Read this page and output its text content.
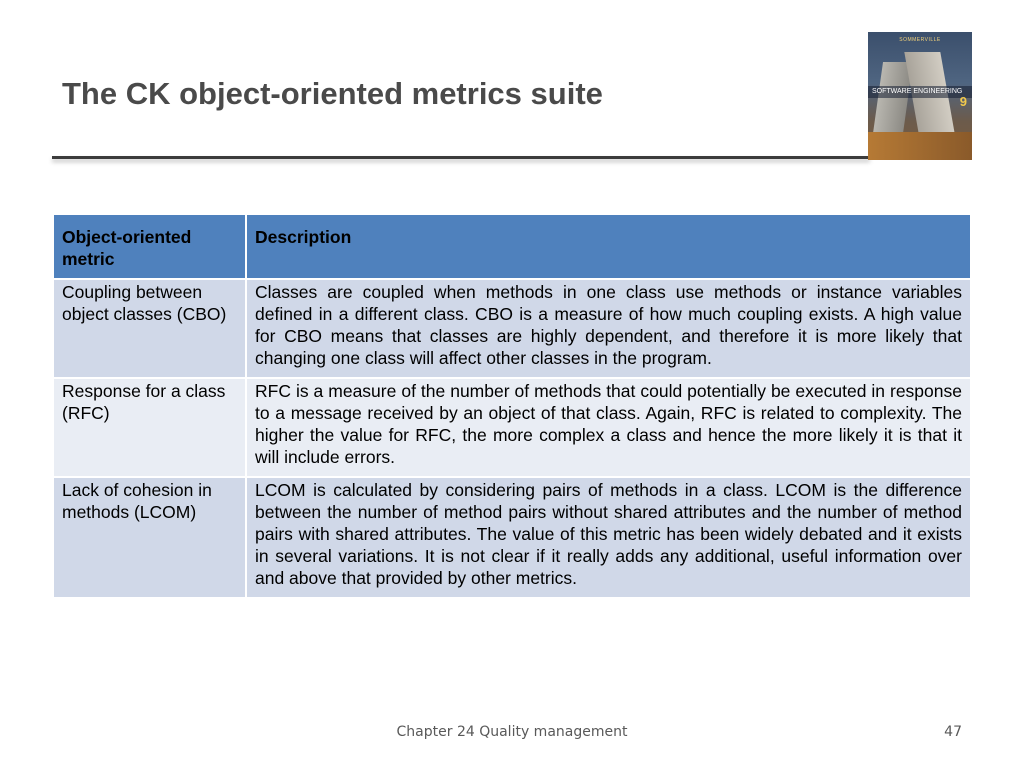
The CK object-oriented metrics suite
SOMMERVILLE
SOFTWARE ENGINEERING
9
Object-oriented metric	Description
Coupling between object classes (CBO)	Classes are coupled when methods in one class use methods or instance variables defined in a different class. CBO is a measure of how much coupling exists. A high value for CBO means that classes are highly dependent, and therefore it is more likely that changing one class will affect other classes in the program.
Response for a class (RFC)	RFC is a measure of the number of methods that could potentially be executed in response to a message received by an object of that class. Again, RFC is related to complexity. The higher the value for RFC, the more complex a class and hence the more likely it is that it will include errors.
Lack of cohesion in methods (LCOM)	LCOM is calculated by considering pairs of methods in a class. LCOM is the difference between the number of method pairs without shared attributes and the number of method pairs with shared attributes. The value of this metric has been widely debated and it exists in several variations. It is not clear if it really adds any additional, useful information over and above that provided by other metrics.
Chapter 24 Quality management	47
